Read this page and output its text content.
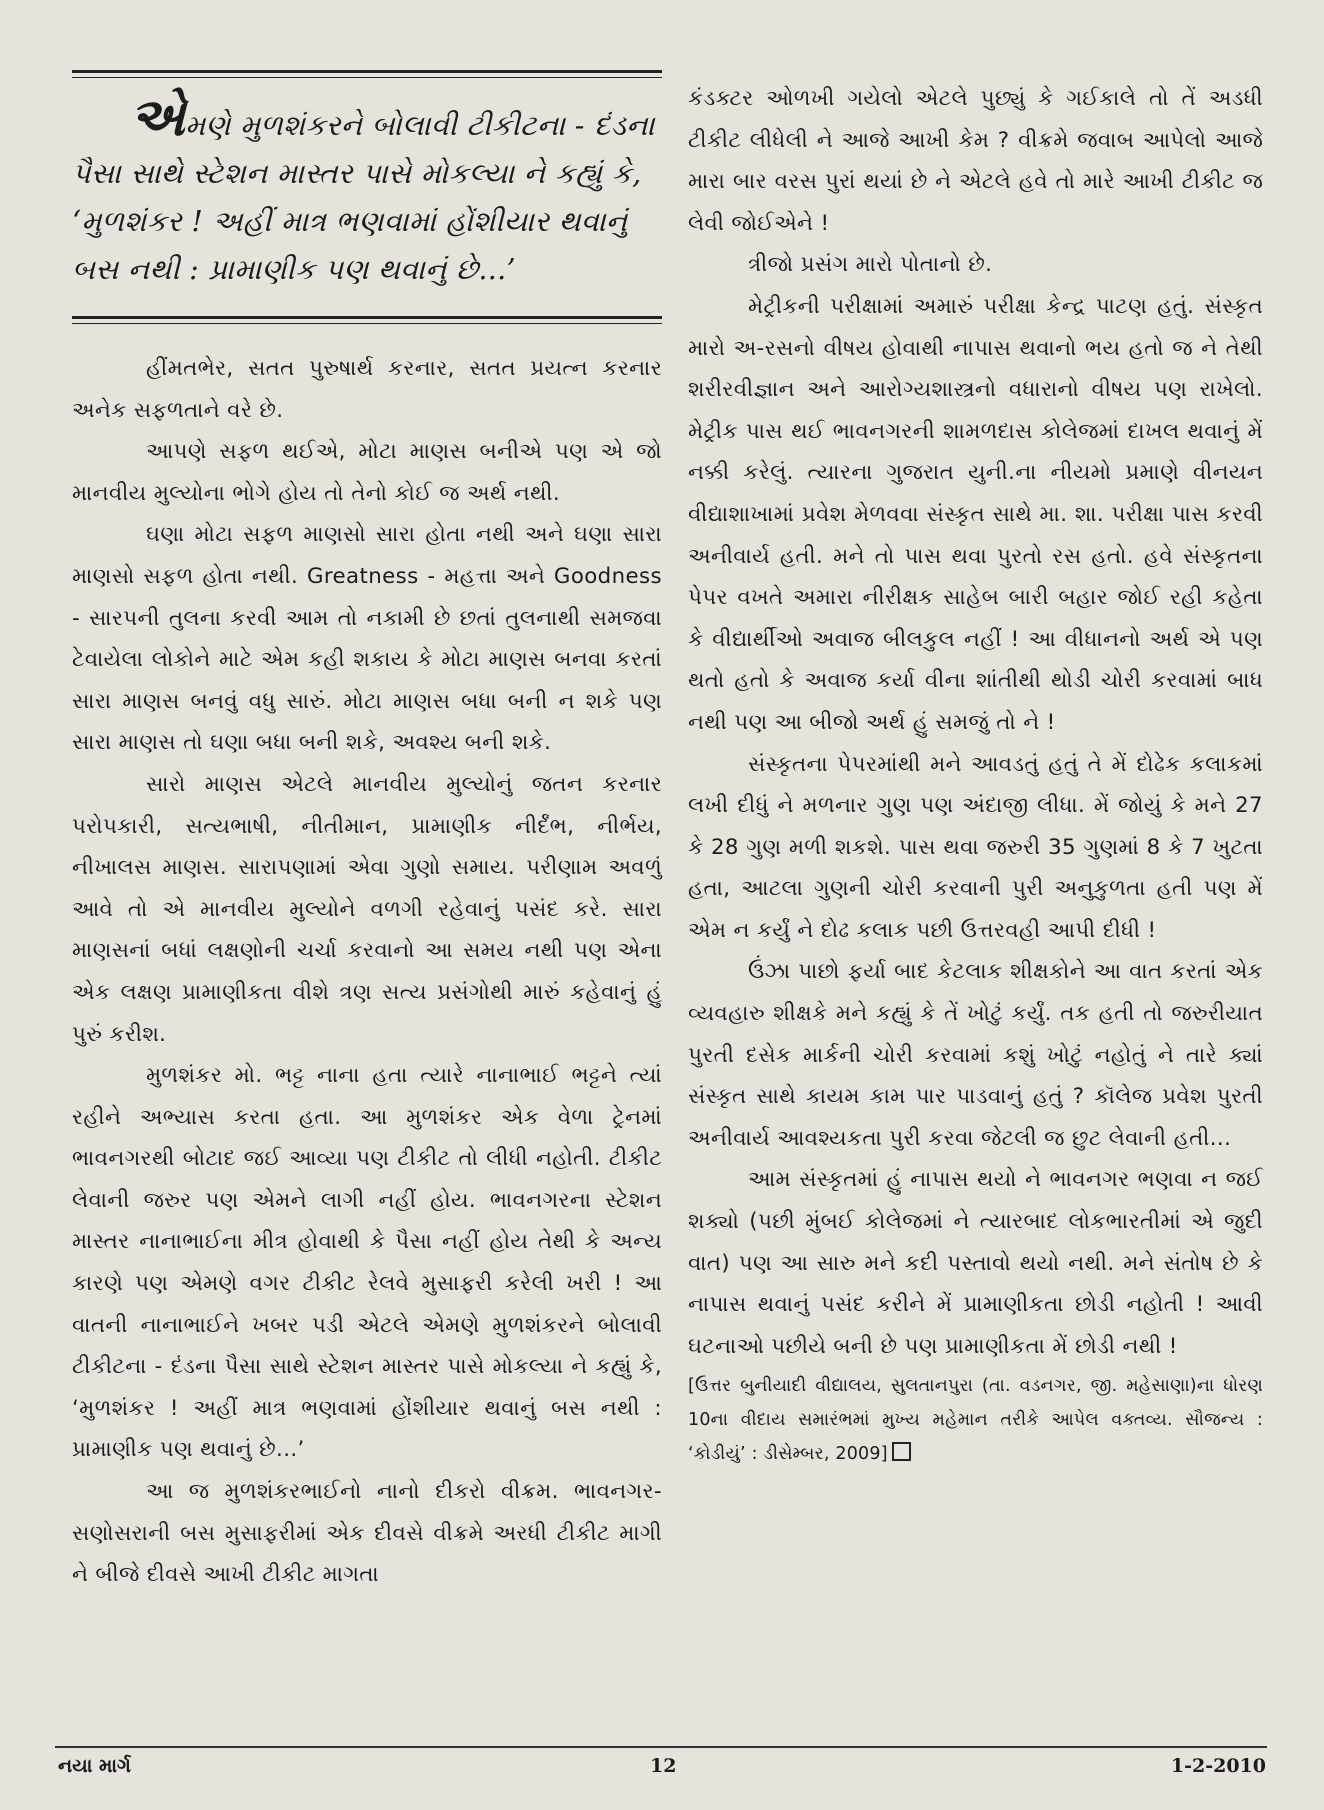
એમણે મુળશંકરને બોલાવી ટીકીટના - દંડના પૈસા સાથે સ્ટેશન માસ્તર પાસે મોકલ્યા ને કહ્યું કે, ‘મુળશંકર ! અહીં માત્ર ભણવામાં હોંશીયાર થવાનું બસ નથી : પ્રામાણીક પણ થવાનું છે...’

હીંમતભેર, સતત પુરુષાર્થ કરનાર, સતત પ્રયત્ન કરનાર અનેક સફળતાને વરે છે.

આપણે સફળ થઈએ, મોટા માણસ બનીએ પણ એ જો માનવીય મુલ્યોના ભોગે હોય તો તેનો કોઈ જ અર્થ નથી.

ઘણા મોટા સફળ માણસો સારા હોતા નથી અને ઘણા સારા માણસો સફળ હોતા નથી. Greatness - મહત્તા અને Goodness - સારપની તુલના કરવી આમ તો નકામી છે છતાં તુલનાથી સમજવા ટેવાયેલા લોકોને માટે એમ કહી શકાય કે મોટા માણસ બનવા કરતાં સારા માણસ બનવું વધુ સારું. મોટા માણસ બધા બની ન શકે પણ સારા માણસ તો ઘણા બધા બની શકે, અવશ્ય બની શકે.

સારો માણસ એટલે માનવીય મુલ્યોનું જતન કરનાર પરોપકારી, સત્યભાષી, નીતીમાન, પ્રામાણીક નીર્દંભ, નીર્ભય, નીખાલસ માણસ. સારાપણામાં એવા ગુણો સમાય. પરીણામ અવળું આવે તો એ માનવીય મુલ્યોને વળગી રહેવાનું પસંદ કરે. સારા માણસનાં બધાં લક્ષણોની ચર્ચા કરવાનો આ સમય નથી પણ એના એક લક્ષણ પ્રામાણીકતા વીશે ત્રણ સત્ય પ્રસંગોથી મારું કહેવાનું હું પુરું કરીશ.

મુળશંકર મો. ભટ્ટ નાના હતા ત્યારે નાનાભાઈ ભટ્ટને ત્યાં રહીને અભ્યાસ કરતા હતા. આ મુળશંકર એક વેળા ટ્રેનમાં ભાવનગરથી બોટાદ જઈ આવ્યા પણ ટીકીટ તો લીધી નહોતી. ટીકીટ લેવાની જરુર પણ એમને લાગી નહીં હોય. ભાવનગરના સ્ટેશન માસ્તર નાનાભાઈના મીત્ર હોવાથી કે પૈસા નહીં હોય તેથી કે અન્ય કારણે પણ એમણે વગર ટીકીટ રેલવે મુસાફરી કરેલી ખરી ! આ વાતની નાનાભાઈને ખબર પડી એટલે એમણે મુળશંકરને બોલાવી ટીકીટના - દંડના પૈસા સાથે સ્ટેશન માસ્તર પાસે મોકલ્યા ને કહ્યું કે, ‘મુળશંકર ! અહીં માત્ર ભણવામાં હોંશીયાર થવાનું બસ નથી : પ્રામાણીક પણ થવાનું છે...’

આ જ મુળશંકરભાઈનો નાનો દીકરો વીક્રમ. ભાવનગર-સણોસરાની બસ મુસાફરીમાં એક દીવસે વીક્રમે અરધી ટીકીટ માગી ને બીજે દીવસે આખી ટીકીટ માગતા

કંડક્ટર ઓળખી ગયેલો એટલે પુછ્યું કે ગઈકાલે તો તેં અડધી ટીકીટ લીધેલી ને આજે આખી કેમ ? વીક્રમે જવાબ આપેલો આજે મારા બાર વરસ પુરાં થયાં છે ને એટલે હવે તો મારે આખી ટીકીટ જ લેવી જોઈએને !

ત્રીજો પ્રસંગ મારો પોતાનો છે.

મેટ્રીકની પરીક્ષામાં અમારું પરીક્ષા કેન્દ્ર પાટણ હતું. સંસ્કૃત મારો અ-રસનો વીષય હોવાથી નાપાસ થવાનો ભય હતો જ ને તેથી શરીરવીજ્ઞાન અને આરોગ્યશાસ્ત્રનો વધારાનો વીષય પણ રાખેલો. મેટ્રીક પાસ થઈ ભાવનગરની શામળદાસ કોલેજમાં દાખલ થવાનું મેં નક્કી કરેલું. ત્યારના ગુજરાત યુની.ના નીયમો પ્રમાણે વીનયન વીદ્યાશાખામાં પ્રવેશ મેળવવા સંસ્કૃત સાથે મા. શા. પરીક્ષા પાસ કરવી અનીવાર્ય હતી. મને તો પાસ થવા પુરતો રસ હતો. હવે સંસ્કૃતના પેપર વખતે અમારા નીરીક્ષક સાહેબ બારી બહાર જોઈ રહી કહેતા કે વીદ્યાર્થીઓ અવાજ બીલકુલ નહીં ! આ વીધાનનો અર્થ એ પણ થતો હતો કે અવાજ કર્યા વીના શાંતીથી થોડી ચોરી કરવામાં બાધ નથી પણ આ બીજો અર્થ હું સમજું તો ને !

સંસ્કૃતના પેપરમાંથી મને આવડતું હતું તે મેં દોઢેક કલાકમાં લખી દીધું ને મળનાર ગુણ પણ અંદાજી લીધા. મેં જોયું કે મને 27 કે 28 ગુણ મળી શકશે. પાસ થવા જરુરી 35 ગુણમાં 8 કે 7 ખુટતા હતા, આટલા ગુણની ચોરી કરવાની પુરી અનુકુળતા હતી પણ મેં એમ ન કર્યું ને દોઢ કલાક પછી ઉત્તરવહી આપી દીધી !

ઉંઝા પાછો ફર્યા બાદ કેટલાક શીક્ષકોને આ વાત કરતાં એક વ્યવહારુ શીક્ષકે મને કહ્યું કે તેં ખોટું કર્યું. તક હતી તો જરુરીયાત પુરતી દસેક માર્કની ચોરી કરવામાં કશું ખોટું નહોતું ને તારે ક્યાં સંસ્કૃત સાથે કાયમ કામ પાર પાડવાનું હતું ? કૉલેજ પ્રવેશ પુરતી અનીવાર્ય આવશ્યકતા પુરી કરવા જેટલી જ છુટ લેવાની હતી...

આમ સંસ્કૃતમાં હું નાપાસ થયો ને ભાવનગર ભણવા ન જઈ શક્યો (પછી મુંબઈ કોલેજમાં ને ત્યારબાદ લોકભારતીમાં એ જુદી વાત) પણ આ સારુ મને કદી પસ્તાવો થયો નથી. મને સંતોષ છે કે નાપાસ થવાનું પસંદ કરીને મેં પ્રામાણીકતા છોડી નહોતી ! આવી ઘટનાઓ પછીયે બની છે પણ પ્રામાણીકતા મેં છોડી નથી !

[ઉત્તર બુનીયાદી વીદ્યાલય, સુલતાનપુરા (તા. વડનગર, જી. મહેસાણા)ના ધોરણ 10ના વીદાય સમારંભમાં મુખ્ય મહેમાન તરીકે આપેલ વક્તવ્ય. સૌજન્ય : ‘કોડીયું’ : ડીસેમ્બર, 2009]

નયા માર્ગ	12	1-2-2010
